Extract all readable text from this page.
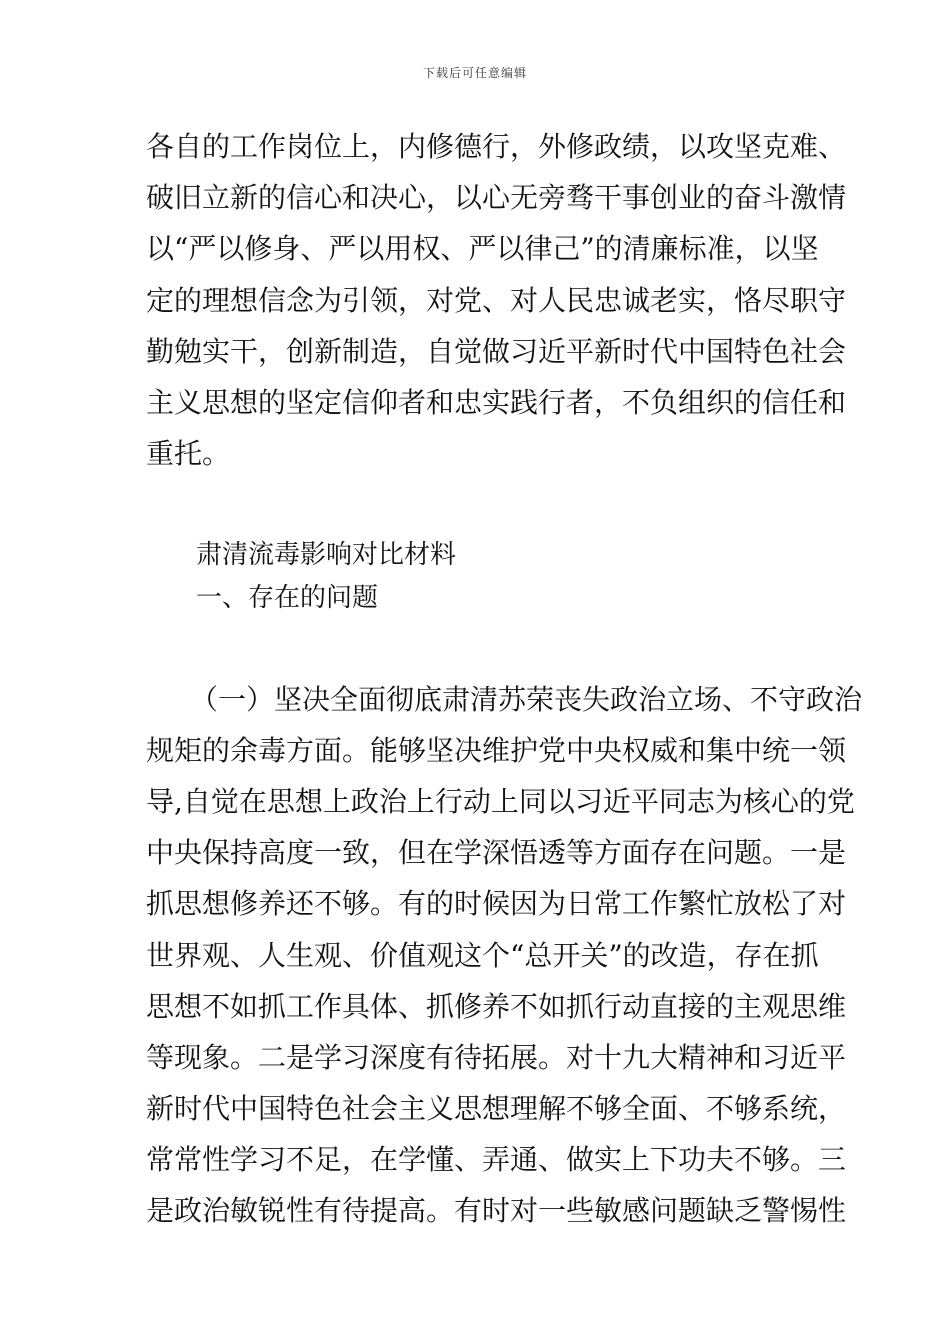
下载后可任意编辑
各自的工作岗位上，内修德行，外修政绩，以攻坚克难、
破旧立新的信心和决心，以心无旁骛干事创业的奋斗激情
以“严以修身、严以用权、严以律己”的清廉标准，以坚
定的理想信念为引领，对党、对人民忠诚老实，恪尽职守
勤勉实干，创新制造，自觉做习近平新时代中国特色社会
主义思想的坚定信仰者和忠实践行者，不负组织的信任和
重托。
肃清流毒影响对比材料
一、存在的问题
（一）坚决全面彻底肃清苏荣丧失政治立场、不守政治
规矩的余毒方面。能够坚决维护党中央权威和集中统一领
导,自觉在思想上政治上行动上同以习近平同志为核心的党
中央保持高度一致，但在学深悟透等方面存在问题。一是
抓思想修养还不够。有的时候因为日常工作繁忙放松了对
世界观、人生观、价值观这个“总开关”的改造，存在抓
思想不如抓工作具体、抓修养不如抓行动直接的主观思维
等现象。二是学习深度有待拓展。对十九大精神和习近平
新时代中国特色社会主义思想理解不够全面、不够系统，
常常性学习不足，在学懂、弄通、做实上下功夫不够。三
是政治敏锐性有待提高。有时对一些敏感问题缺乏警惕性
